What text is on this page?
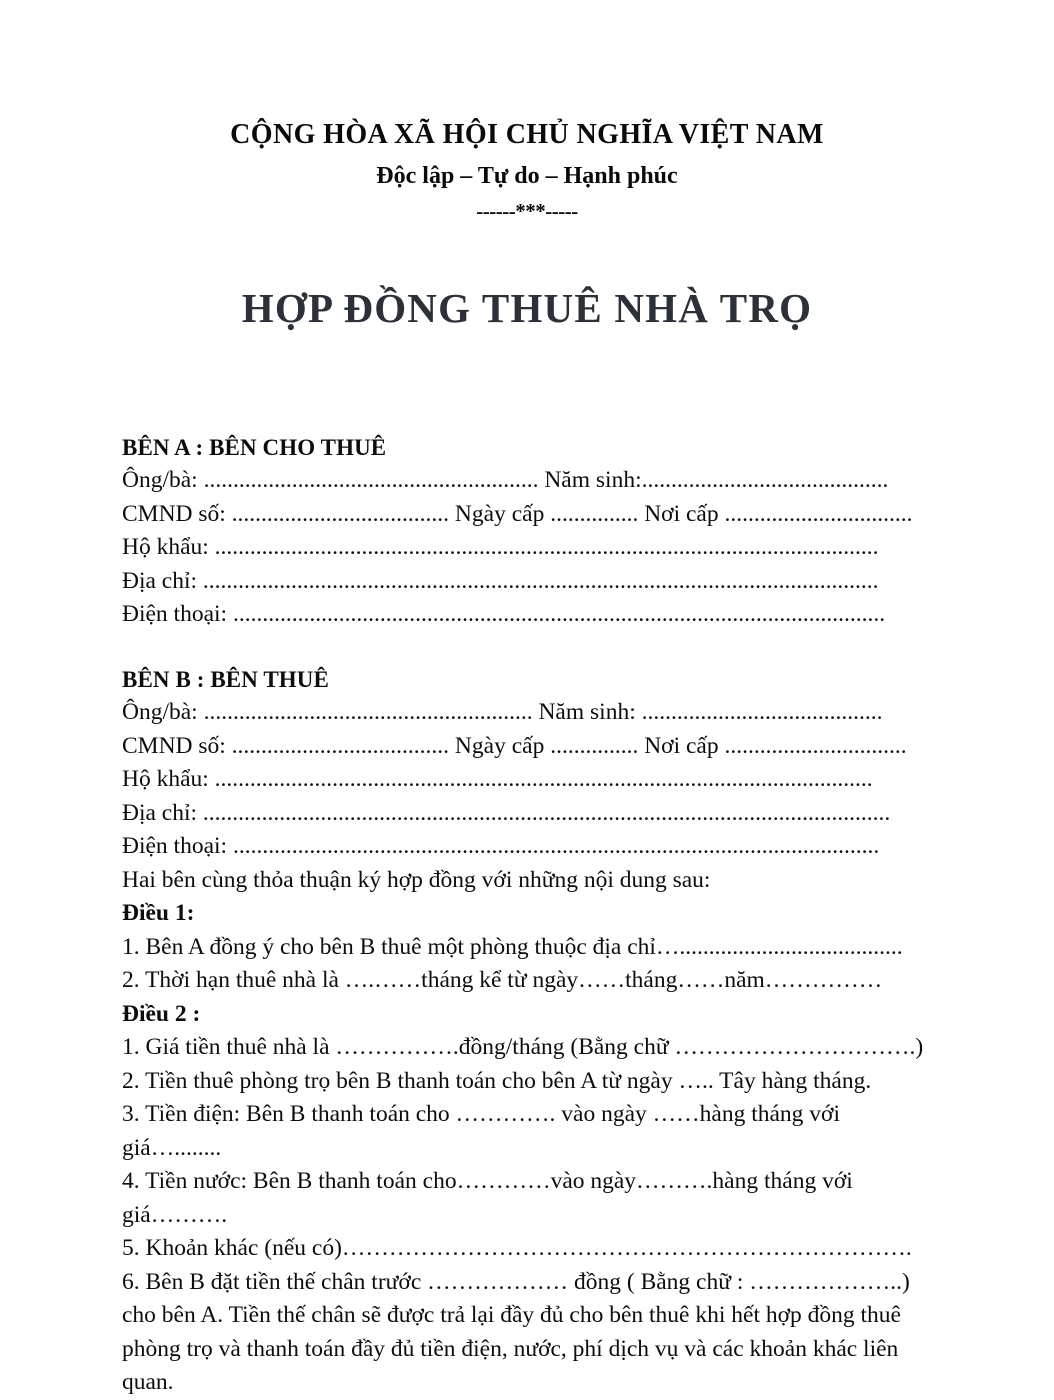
CỘNG HÒA XÃ HỘI CHỦ NGHĨA VIỆT NAM
Độc lập – Tự do – Hạnh phúc
------***-----
HỢP ĐỒNG THUÊ NHÀ TRỌ
BÊN A : BÊN CHO THUÊ
Ông/bà: ......................................................... Năm sinh:..........................................
CMND số: ..................................... Ngày cấp ............... Nơi cấp ................................
Hộ khẩu: .................................................................................................................
Địa chỉ: ...................................................................................................................
Điện thoại: ...............................................................................................................
BÊN B : BÊN THUÊ
Ông/bà: ........................................................ Năm sinh: .........................................
CMND số: ..................................... Ngày cấp ............... Nơi cấp ...............................
Hộ khẩu: ................................................................................................................
Địa chỉ: .....................................................................................................................
Điện thoại: ..............................................................................................................
Hai bên cùng thỏa thuận ký hợp đồng với những nội dung sau:
Điều 1:
1. Bên A đồng ý cho bên B thuê một phòng thuộc địa chỉ…......................................
2. Thời hạn thuê nhà là ….……tháng kể từ ngày……tháng……năm……………
Điều 2 :
1. Giá tiền thuê nhà là …………….đồng/tháng (Bằng chữ ………………………….)
2. Tiền thuê phòng trọ bên B thanh toán cho bên A từ ngày ….. Tây hàng tháng.
3. Tiền điện: Bên B thanh toán cho …………. vào ngày ……hàng tháng với giá…........
4. Tiền nước: Bên B thanh toán cho…………vào ngày……….hàng tháng với giá……….
5. Khoản khác (nếu có)……………………………………………………………….
6. Bên B đặt tiền thế chân trước ……………… đồng ( Bằng chữ : ………………..)
cho bên A. Tiền thế chân sẽ được trả lại đầy đủ cho bên thuê khi hết hợp đồng thuê phòng trọ và thanh toán đầy đủ tiền điện, nước, phí dịch vụ và các khoản khác liên quan.
